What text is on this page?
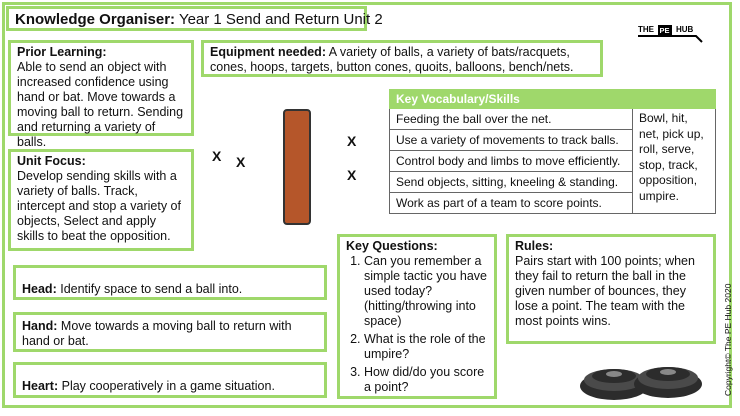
Knowledge Organiser: Year 1 Send and Return Unit 2
THE PE HUB
Prior Learning:
Able to send an object with increased confidence using hand or bat. Move towards a moving ball to return. Sending and returning a variety of balls.
Equipment needed: A variety of balls, a variety of bats/racquets, cones, hoops, targets, button cones, quoits, balloons, bench/nets.
Unit Focus:
Develop sending skills with a variety of balls. Track, intercept and stop a variety of objects, Select and apply skills to beat the opposition.
Key Vocabulary/Skills
Feeding the ball over the net.	Bowl, hit, net, pick up, roll, serve, stop, track, opposition, umpire.
Use a variety of movements to track balls.
Control body and limbs to move efficiently.
Send objects, sitting, kneeling & standing.
Work as part of a team to score points.
X X
X
X
Key Questions:
1. Can you remember a simple tactic you have used today? (hitting/throwing into space)
2. What is the role of the umpire?
3. How did/do you score a point?
Rules:
Pairs start with 100 points; when they fail to return the ball in the given number of bounces, they lose a point. The team with the most points wins.
Head: Identify space to send a ball into.
Hand: Move towards a moving ball to return with hand or bat.
Heart: Play cooperatively in a game situation.	Copyright© The PE Hub 2020
